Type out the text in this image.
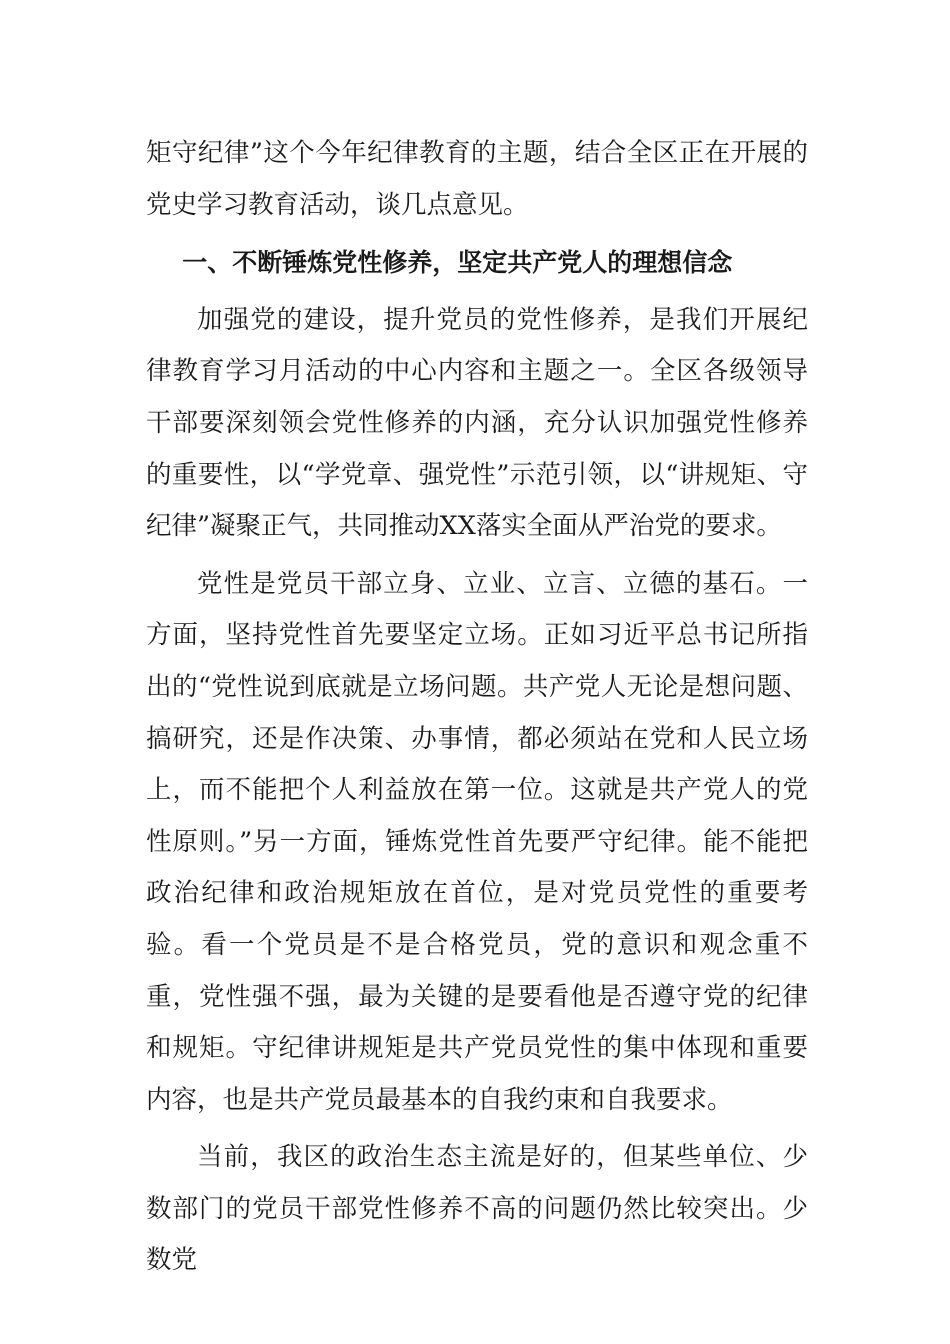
矩守纪律”这个今年纪律教育的主题，结合全区正在开展的党史学习教育活动，谈几点意见。

一、不断锤炼党性修养，坚定共产党人的理想信念

加强党的建设，提升党员的党性修养，是我们开展纪律教育学习月活动的中心内容和主题之一。全区各级领导干部要深刻领会党性修养的内涵，充分认识加强党性修养的重要性，以“学党章、强党性”示范引领，以“讲规矩、守纪律”凝聚正气，共同推动XX落实全面从严治党的要求。

党性是党员干部立身、立业、立言、立德的基石。一方面，坚持党性首先要坚定立场。正如习近平总书记所指出的“党性说到底就是立场问题。共产党人无论是想问题、搞研究，还是作决策、办事情，都必须站在党和人民立场上，而不能把个人利益放在第一位。这就是共产党人的党性原则。”另一方面，锤炼党性首先要严守纪律。能不能把政治纪律和政治规矩放在首位，是对党员党性的重要考验。看一个党员是不是合格党员，党的意识和观念重不重，党性强不强，最为关键的是要看他是否遵守党的纪律和规矩。守纪律讲规矩是共产党员党性的集中体现和重要内容，也是共产党员最基本的自我约束和自我要求。

当前，我区的政治生态主流是好的，但某些单位、少数部门的党员干部党性修养不高的问题仍然比较突出。少数党
